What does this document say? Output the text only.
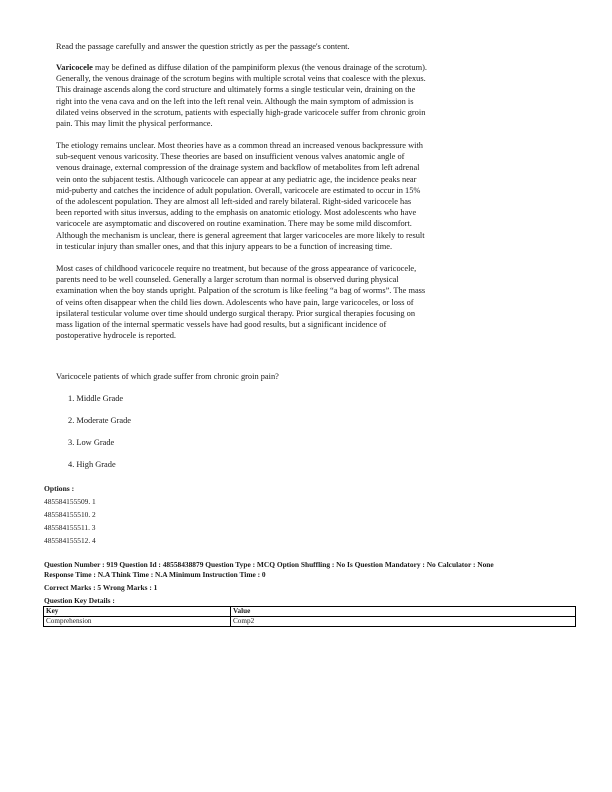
Read the passage carefully and answer the question strictly as per the passage's content.

Varicocele may be defined as diffuse dilation of the pampiniform plexus (the venous drainage of the scrotum).
Generally, the venous drainage of the scrotum begins with multiple scrotal veins that coalesce with the plexus.
This drainage ascends along the cord structure and ultimately forms a single testicular vein, draining on the
right into the vena cava and on the left into the left renal vein. Although the main symptom of admission is
dilated veins observed in the scrotum, patients with especially high-grade varicocele suffer from chronic groin
pain. This may limit the physical performance.

The etiology remains unclear. Most theories have as a common thread an increased venous backpressure with
sub-sequent venous varicosity. These theories are based on insufficient venous valves anatomic angle of
venous drainage, external compression of the drainage system and backflow of metabolites from left adrenal
vein onto the subjacent testis. Although varicocele can appear at any pediatric age, the incidence peaks near
mid-puberty and catches the incidence of adult population. Overall, varicocele are estimated to occur in 15%
of the adolescent population. They are almost all left-sided and rarely bilateral. Right-sided varicocele has
been reported with situs inversus, adding to the emphasis on anatomic etiology. Most adolescents who have
varicocele are asymptomatic and discovered on routine examination. There may be some mild discomfort.
Although the mechanism is unclear, there is general agreement that larger varicoceles are more likely to result
in testicular injury than smaller ones, and that this injury appears to be a function of increasing time.

Most cases of childhood varicocele require no treatment, but because of the gross appearance of varicocele,
parents need to be well counseled. Generally a larger scrotum than normal is observed during physical
examination when the boy stands upright. Palpation of the scrotum is like feeling “a bag of worms”. The mass
of veins often disappear when the child lies down. Adolescents who have pain, large varicoceles, or loss of
ipsilateral testicular volume over time should undergo surgical therapy. Prior surgical therapies focusing on
mass ligation of the internal spermatic vessels have had good results, but a significant incidence of
postoperative hydrocele is reported.

Varicocele patients of which grade suffer from chronic groin pain?
1. Middle Grade
2. Moderate Grade
3. Low Grade
4. High Grade
Options :
485584155509. 1
485584155510. 2
485584155511. 3
485584155512. 4
Question Number : 919 Question Id : 48558438879 Question Type : MCQ Option Shuffling : No Is Question Mandatory : No Calculator : None
Response Time : N.A Think Time : N.A Minimum Instruction Time : 0
Correct Marks : 5 Wrong Marks : 1
Question Key Details :
Key	Value
Comprehension	Comp2
